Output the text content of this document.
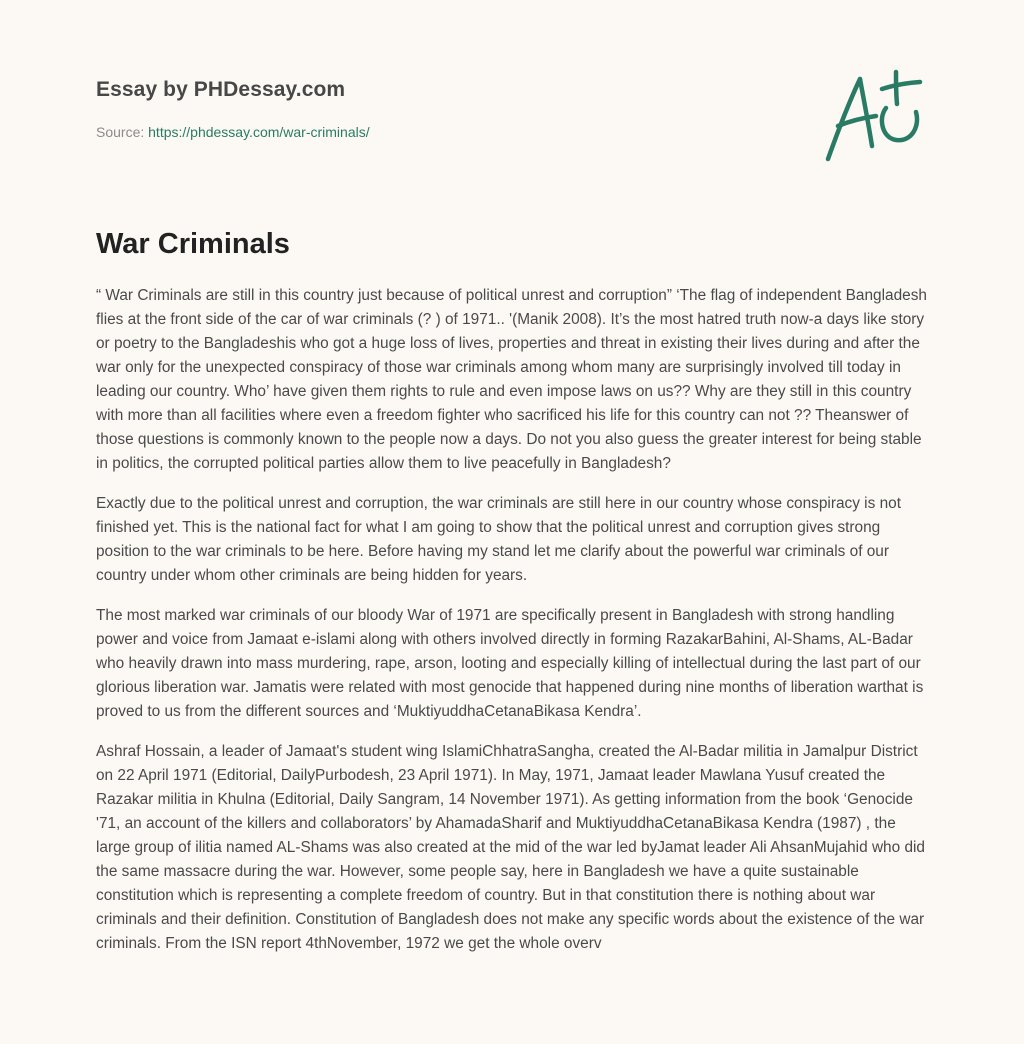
Essay by PHDessay.com
Source: https://phdessay.com/war-criminals/
War Criminals

“ War Criminals are still in this country just because of political unrest and corruption” ‘The flag of independent Bangladesh flies at the front side of the car of war criminals (? ) of 1971.. '(Manik 2008). It’s the most hatred truth now-a days like story or poetry to the Bangladeshis who got a huge loss of lives, properties and threat in existing their lives during and after the war only for the unexpected conspiracy of those war criminals among whom many are surprisingly involved till today in leading our country. Who’ have given them rights to rule and even impose laws on us?? Why are they still in this country with more than all facilities where even a freedom fighter who sacrificed his life for this country can not ?? Theanswer of those questions is commonly known to the people now a days. Do not you also guess the greater interest for being stable in politics, the corrupted political parties allow them to live peacefully in Bangladesh?

Exactly due to the political unrest and corruption, the war criminals are still here in our country whose conspiracy is not finished yet. This is the national fact for what I am going to show that the political unrest and corruption gives strong position to the war criminals to be here. Before having my stand let me clarify about the powerful war criminals of our country under whom other criminals are being hidden for years.

The most marked war criminals of our bloody War of 1971 are specifically present in Bangladesh with strong handling power and voice from Jamaat e-islami along with others involved directly in forming RazakarBahini, Al-Shams, AL-Badar who heavily drawn into mass murdering, rape, arson, looting and especially killing of intellectual during the last part of our glorious liberation war. Jamatis were related with most genocide that happened during nine months of liberation warthat is proved to us from the different sources and ‘MuktiyuddhaCetanaBikasa Kendra’.

Ashraf Hossain, a leader of Jamaat's student wing IslamiChhatraSangha, created the Al-Badar militia in Jamalpur District on 22 April 1971 (Editorial, DailyPurbodesh, 23 April 1971). In May, 1971, Jamaat leader Mawlana Yusuf created the Razakar militia in Khulna (Editorial, Daily Sangram, 14 November 1971). As getting information from the book ‘Genocide '71, an account of the killers and collaborators’ by AhamadaSharif and MuktiyuddhaCetanaBikasa Kendra (1987) , the large group of ilitia named AL-Shams was also created at the mid of the war led byJamat leader Ali AhsanMujahid who did the same massacre during the war. However, some people say, here in Bangladesh we have a quite sustainable constitution which is representing a complete freedom of country. But in that constitution there is nothing about war criminals and their definition. Constitution of Bangladesh does not make any specific words about the existence of the war criminals. From the ISN report 4thNovember, 1972 we get the whole overv
